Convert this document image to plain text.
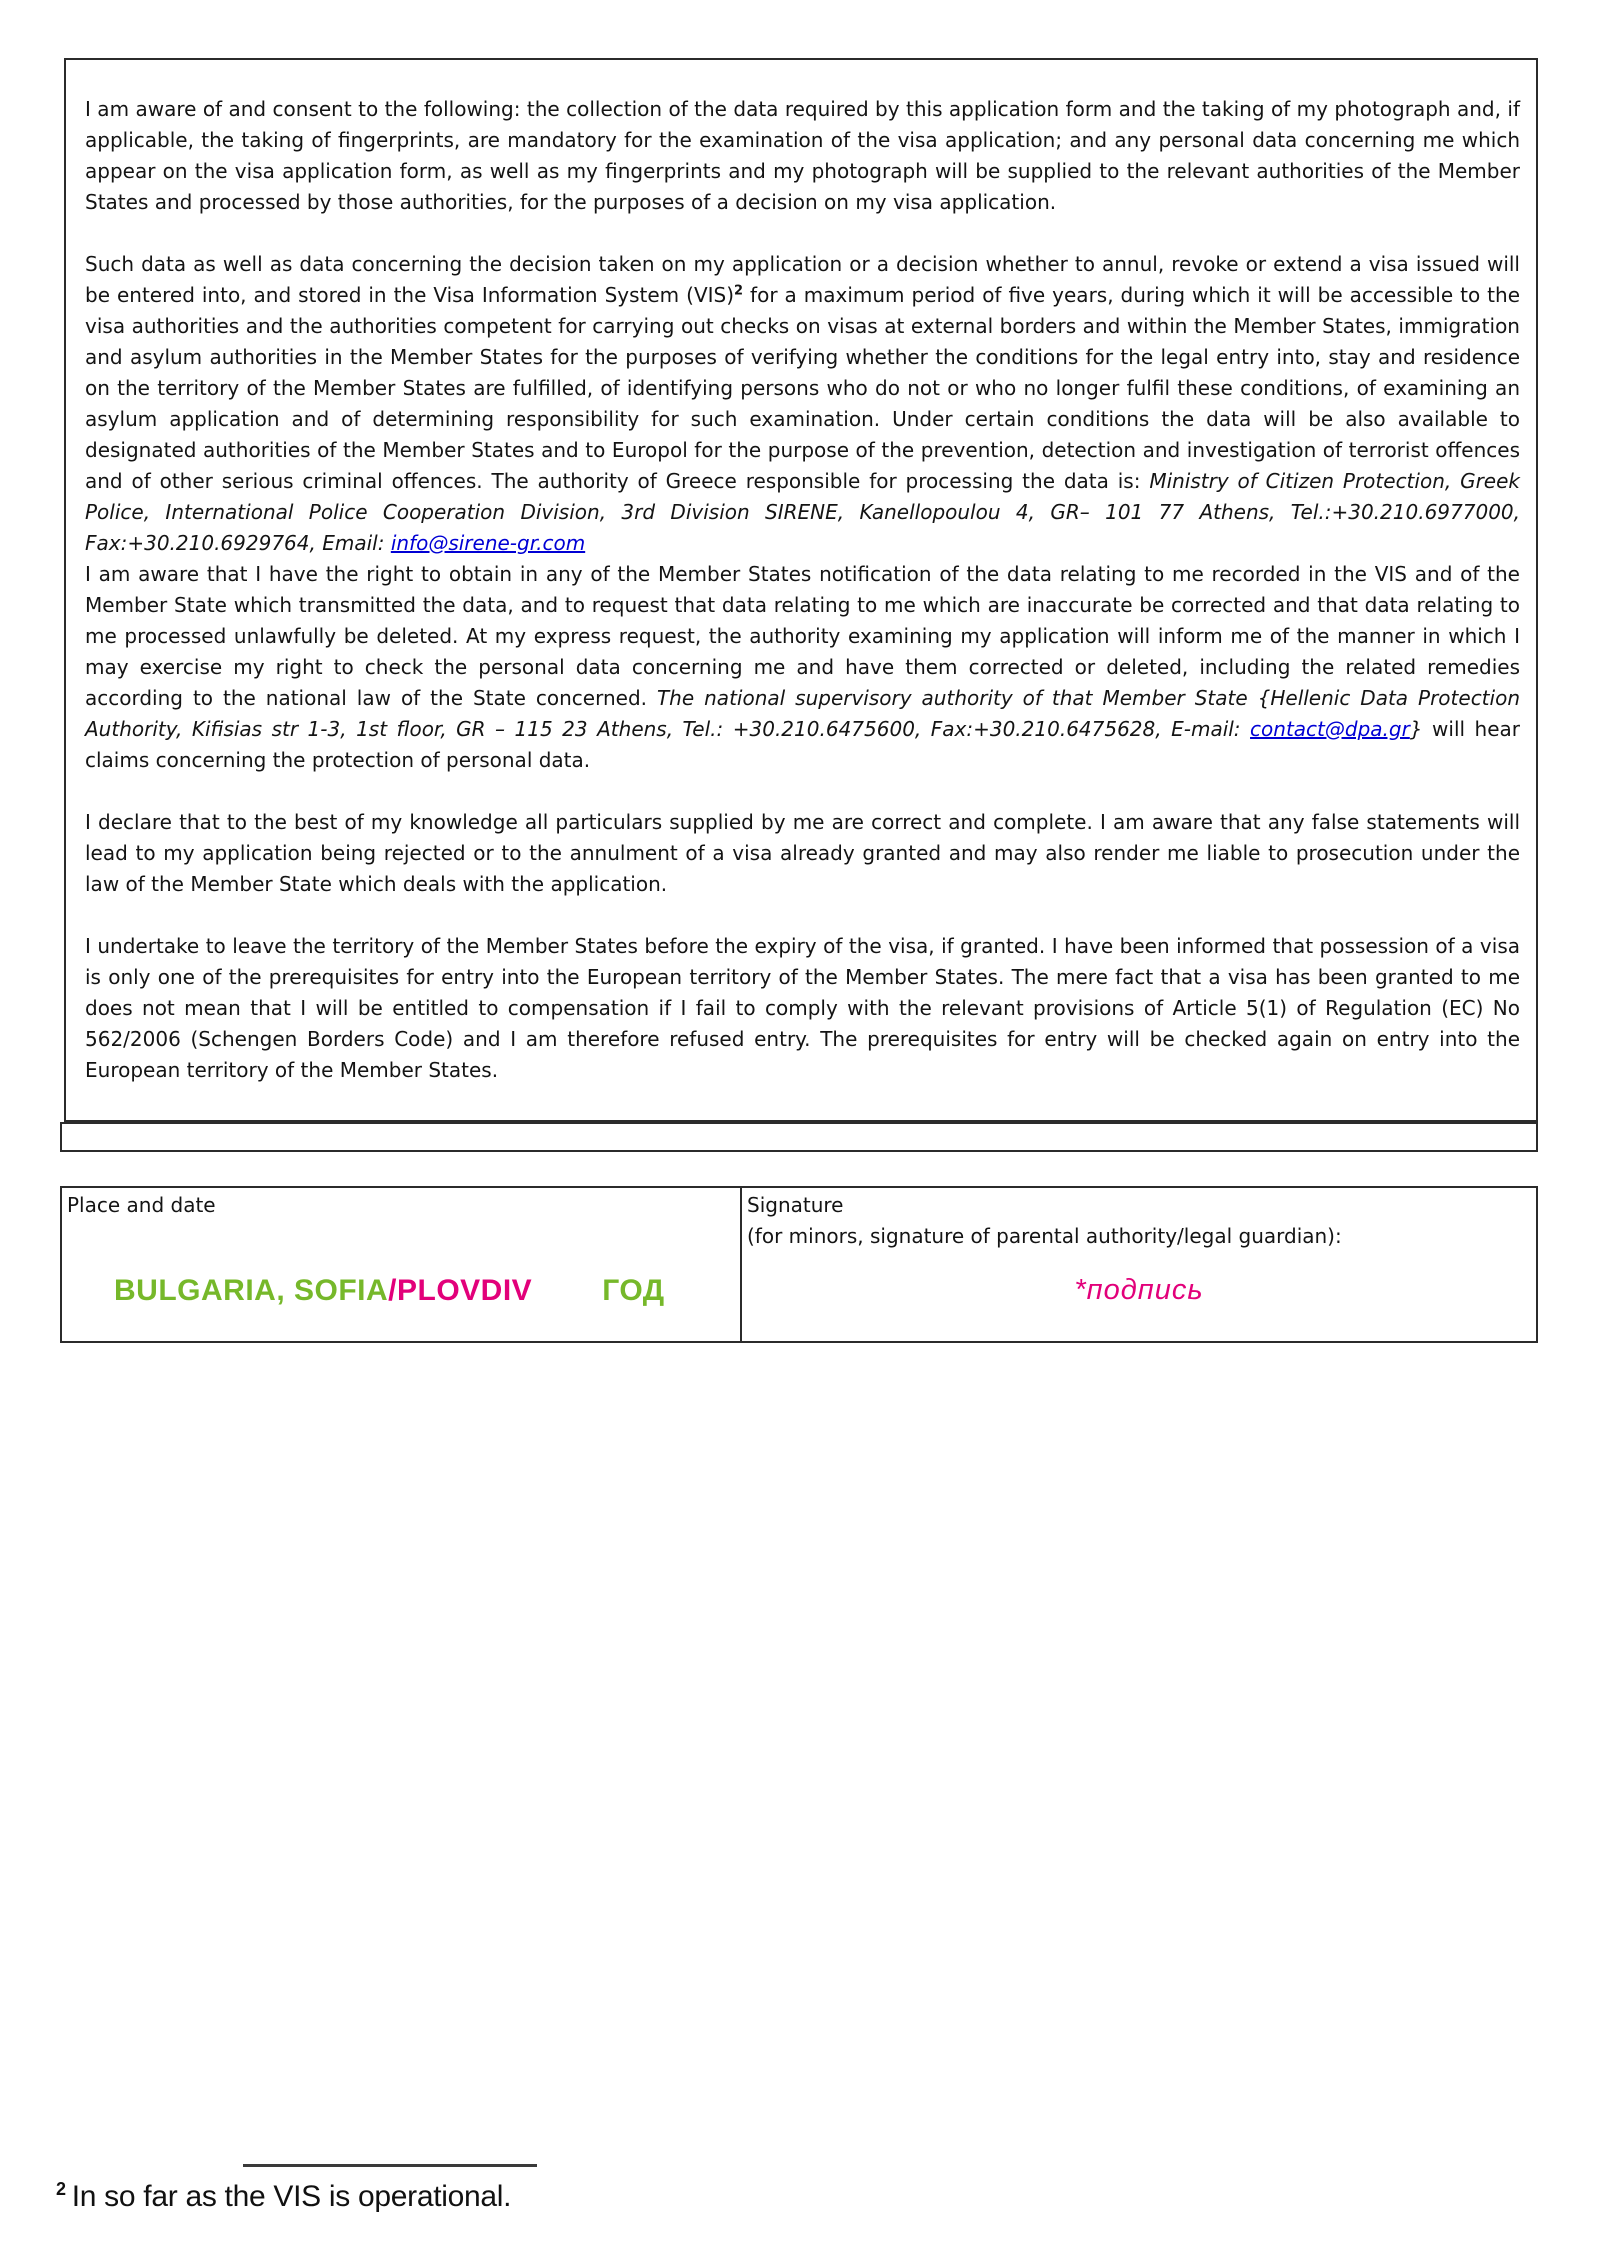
I am aware of and consent to the following: the collection of the data required by this application form and the taking of my photograph and, if applicable, the taking of fingerprints, are mandatory for the examination of the visa application; and any personal data concerning me which appear on the visa application form, as well as my fingerprints and my photograph will be supplied to the relevant authorities of the Member States and processed by those authorities, for the purposes of a decision on my visa application.

Such data as well as data concerning the decision taken on my application or a decision whether to annul, revoke or extend a visa issued will be entered into, and stored in the Visa Information System (VIS)$^2$ for a maximum period of five years, during which it will be accessible to the visa authorities and the authorities competent for carrying out checks on visas at external borders and within the Member States, immigration and asylum authorities in the Member States for the purposes of verifying whether the conditions for the legal entry into, stay and residence on the territory of the Member States are fulfilled, of identifying persons who do not or who no longer fulfil these conditions, of examining an asylum application and of determining responsibility for such examination. Under certain conditions the data will be also available to designated authorities of the Member States and to Europol for the purpose of the prevention, detection and investigation of terrorist offences and of other serious criminal offences. The authority of Greece responsible for processing the data is: Ministry of Citizen Protection, Greek Police, International Police Cooperation Division, 3rd Division SIRENE, Kanellopoulou 4, GR– 101 77 Athens, Tel.:+30.210.6977000, Fax:+30.210.6929764, Email: info@sirene-gr.com

I am aware that I have the right to obtain in any of the Member States notification of the data relating to me recorded in the VIS and of the Member State which transmitted the data, and to request that data relating to me which are inaccurate be corrected and that data relating to me processed unlawfully be deleted. At my express request, the authority examining my application will inform me of the manner in which I may exercise my right to check the personal data concerning me and have them corrected or deleted, including the related remedies according to the national law of the State concerned. The national supervisory authority of that Member State {Hellenic Data Protection Authority, Kifisias str 1-3, 1st floor, GR – 115 23 Athens, Tel.: +30.210.6475600, Fax:+30.210.6475628, E-mail: contact@dpa.gr} will hear claims concerning the protection of personal data.

I declare that to the best of my knowledge all particulars supplied by me are correct and complete. I am aware that any false statements will lead to my application being rejected or to the annulment of a visa already granted and may also render me liable to prosecution under the law of the Member State which deals with the application.

I undertake to leave the territory of the Member States before the expiry of the visa, if granted. I have been informed that possession of a visa is only one of the prerequisites for entry into the European territory of the Member States. The mere fact that a visa has been granted to me does not mean that I will be entitled to compensation if I fail to comply with the relevant provisions of Article 5(1) of Regulation (EC) No 562/2006 (Schengen Borders Code) and I am therefore refused entry. The prerequisites for entry will be checked again on entry into the European territory of the Member States.

Place and date
BULGARIA, SOFIA/PLOVDIV ГОД
Signature
(for minors, signature of parental authority/legal guardian):
*подпись
$^2$ In so far as the VIS is operational.
